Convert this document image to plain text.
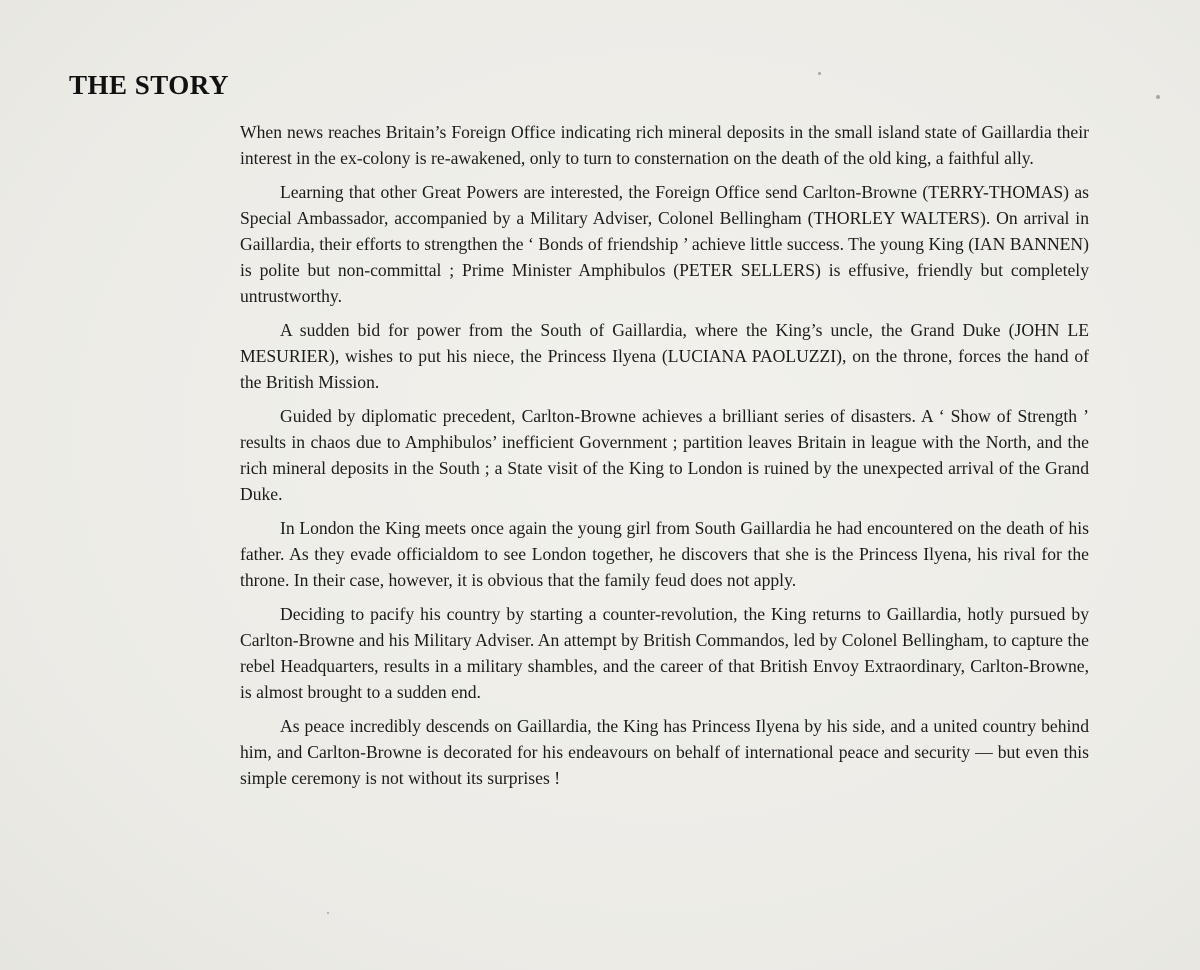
THE STORY

When news reaches Britain’s Foreign Office indicating rich mineral deposits in the small island state of Gaillardia their interest in the ex-colony is re-awakened, only to turn to consternation on the death of the old king, a faithful ally.

Learning that other Great Powers are interested, the Foreign Office send Carlton-Browne (TERRY-THOMAS) as Special Ambassador, accompanied by a Military Adviser, Colonel Bellingham (THORLEY WALTERS). On arrival in Gaillardia, their efforts to strengthen the ‘ Bonds of friendship ’ achieve little success. The young King (IAN BANNEN) is polite but non-committal ; Prime Minister Amphibulos (PETER SELLERS) is effusive, friendly but completely untrustworthy.

A sudden bid for power from the South of Gaillardia, where the King’s uncle, the Grand Duke (JOHN LE MESURIER), wishes to put his niece, the Princess Ilyena (LUCIANA PAOLUZZI), on the throne, forces the hand of the British Mission.

Guided by diplomatic precedent, Carlton-Browne achieves a brilliant series of disasters. A ‘ Show of Strength ’ results in chaos due to Amphibulos’ inefficient Government ; partition leaves Britain in league with the North, and the rich mineral deposits in the South ; a State visit of the King to London is ruined by the unexpected arrival of the Grand Duke.

In London the King meets once again the young girl from South Gaillardia he had encountered on the death of his father. As they evade officialdom to see London together, he discovers that she is the Princess Ilyena, his rival for the throne. In their case, however, it is obvious that the family feud does not apply.

Deciding to pacify his country by starting a counter-revolution, the King returns to Gaillardia, hotly pursued by Carlton-Browne and his Military Adviser. An attempt by British Commandos, led by Colonel Bellingham, to capture the rebel Headquarters, results in a military shambles, and the career of that British Envoy Extraordinary, Carlton-Browne, is almost brought to a sudden end.

As peace incredibly descends on Gaillardia, the King has Princess Ilyena by his side, and a united country behind him, and Carlton-Browne is decorated for his endeavours on behalf of international peace and security — but even this simple ceremony is not without its surprises !
